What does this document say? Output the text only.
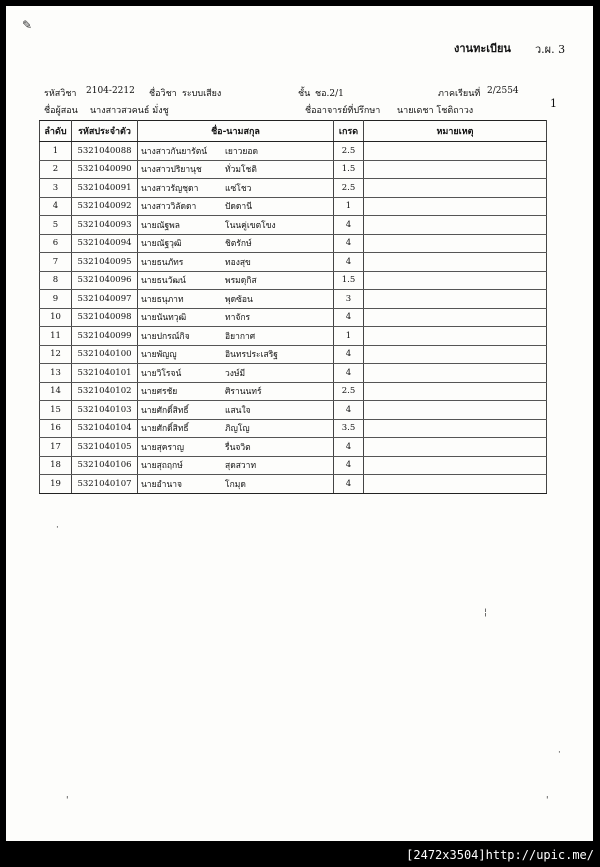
งานทะเบียน ว.ผ. 3
รหัสวิชา 2104-2212 ชื่อวิชา ระบบเสียง	ชั้น ชอ.2/1	ภาคเรียนที่ 2/2554
ชื่อผู้สอน นางสาวสวคนธ์ มั่งชู	ชื่ออาจารย์ที่ปรึกษา นายเดชา โชติถาวง
1
ลำดับ	รหัสประจำตัว	ชื่อ-นามสกุล	เกรด	หมายเหตุ
1	5321040088	นางสาวกันยารัตน์ เยาวยอด	2.5	
2	5321040090	นางสาวปริยานุช ทั่วมโชติ	1.5	
3	5321040091	นางสาวรัญชุดา แซ่โชว	2.5	
4	5321040092	นางสาววิลัดดา ปัดดานี	1	
5	5321040093	นายณัฐพล โนนคู่เขตโขง	4	
6	5321040094	นายณัฐวุฒิ ชิตรักษ์	4	
7	5321040095	นายธนภัทร ทองสุข	4	
8	5321040096	นายธนวัฒน์ พรมดุกิส	1.5	
9	5321040097	นายธนุภาท พุดซ้อน	3	
10	5321040098	นายนันทวุฒิ ทาจักร	4	
11	5321040099	นายปกรณ์กิจ อิยากาศ	1	
12	5321040100	นายพัญญู อินทรประเสริฐ	4	
13	5321040101	นายวิโรจน์ วงษ์มี	4	
14	5321040102	นายศรชัย ศิรานนทร์	2.5	
15	5321040103	นายศักดิ์สิทธิ์ แสนใจ	4	
16	5321040104	นายศักดิ์สิทธิ์ ภิญโญ	3.5	
17	5321040105	นายสุคราญ รื่นจวิต	4	
18	5321040106	นายสุถฤกษ์ สุดสวาท	4	
19	5321040107	นายอำนาจ โกมุด	4	
✎
·
¦
·
'	'
[2472x3504]http://upic.me/
